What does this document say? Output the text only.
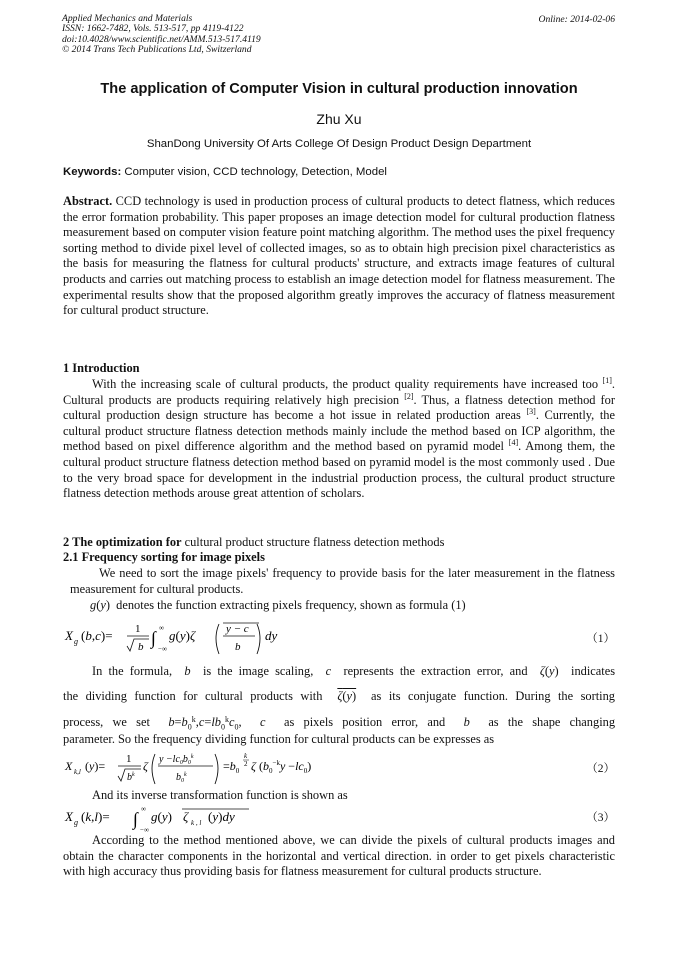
Applied Mechanics and Materials
ISSN: 1662-7482, Vols. 513-517, pp 4119-4122
doi:10.4028/www.scientific.net/AMM.513-517.4119
© 2014 Trans Tech Publications Ltd, Switzerland
Online: 2014-02-06
The application of Computer Vision in cultural production innovation
Zhu Xu
ShanDong University Of Arts College Of Design Product Design Department
Keywords: Computer vision, CCD technology, Detection, Model
Abstract. CCD technology is used in production process of cultural products to detect flatness, which reduces the error formation probability. This paper proposes an image detection model for cultural production flatness measurement based on computer vision feature point matching algorithm. The method uses the pixel frequency sorting method to divide pixel level of collected images, so as to obtain high precision pixel characteristics as the basis for measuring the flatness for cultural products' structure, and extracts image features of cultural products and carries out matching process to establish an image detection model for flatness measurement. The experimental results show that the proposed algorithm greatly improves the accuracy of flatness measurement for cultural product structure.
1 Introduction
With the increasing scale of cultural products, the product quality requirements have increased too [1]. Cultural products are products requiring relatively high precision [2]. Thus, a flatness detection method for cultural production design structure has become a hot issue in related production areas [3]. Currently, the cultural product structure flatness detection methods mainly include the method based on ICP algorithm, the method based on pixel difference algorithm and the method based on pyramid model [4]. Among them, the cultural product structure flatness detection method based on pyramid model is the most commonly used . Due to the very broad space for development in the industrial production process, the cultural product structure flatness detection methods arouse great attention of scholars.
2 The optimization for cultural product structure flatness detection methods
2.1 Frequency sorting for image pixels
We need to sort the image pixels' frequency to provide basis for the later measurement in the flatness measurement for cultural products.
g(y)  denotes the function extracting pixels frequency, shown as formula (1)
X g (b,c)= 1
b ∫ ∞
−∞
g(y)ζ	y − c
b
dy	（1）
In the formula, b is the image scaling, c represents the extraction error, and ζ(y)  indicates
the dividing function for cultural products with ζ(y) as its conjugate function. During the sorting
process, we set $b=b_0^k,c=lb_0^kc_0$,  c as pixels position error, and b as the shape changing
parameter. So the frequency dividing function for cultural products can be expresses as
X k,l (y)= 1
$b^k$
ζ $y -lc_0b_0^k$
$b_0^k$
$=b_0$
k
2 ζ $(b_0^{-k}y -lc_0)$	（2）
And its inverse transformation function is shown as
X g (k,l)= ∫ ∞
−∞
g(y) ζ k , l (y)dy	（3）
According to the method mentioned above, we can divide the pixels of cultural products images and obtain the character components in the horizontal and vertical direction. in order to get pixels characteristic with high accuracy thus providing basis for flatness measurement for cultural products structure.
